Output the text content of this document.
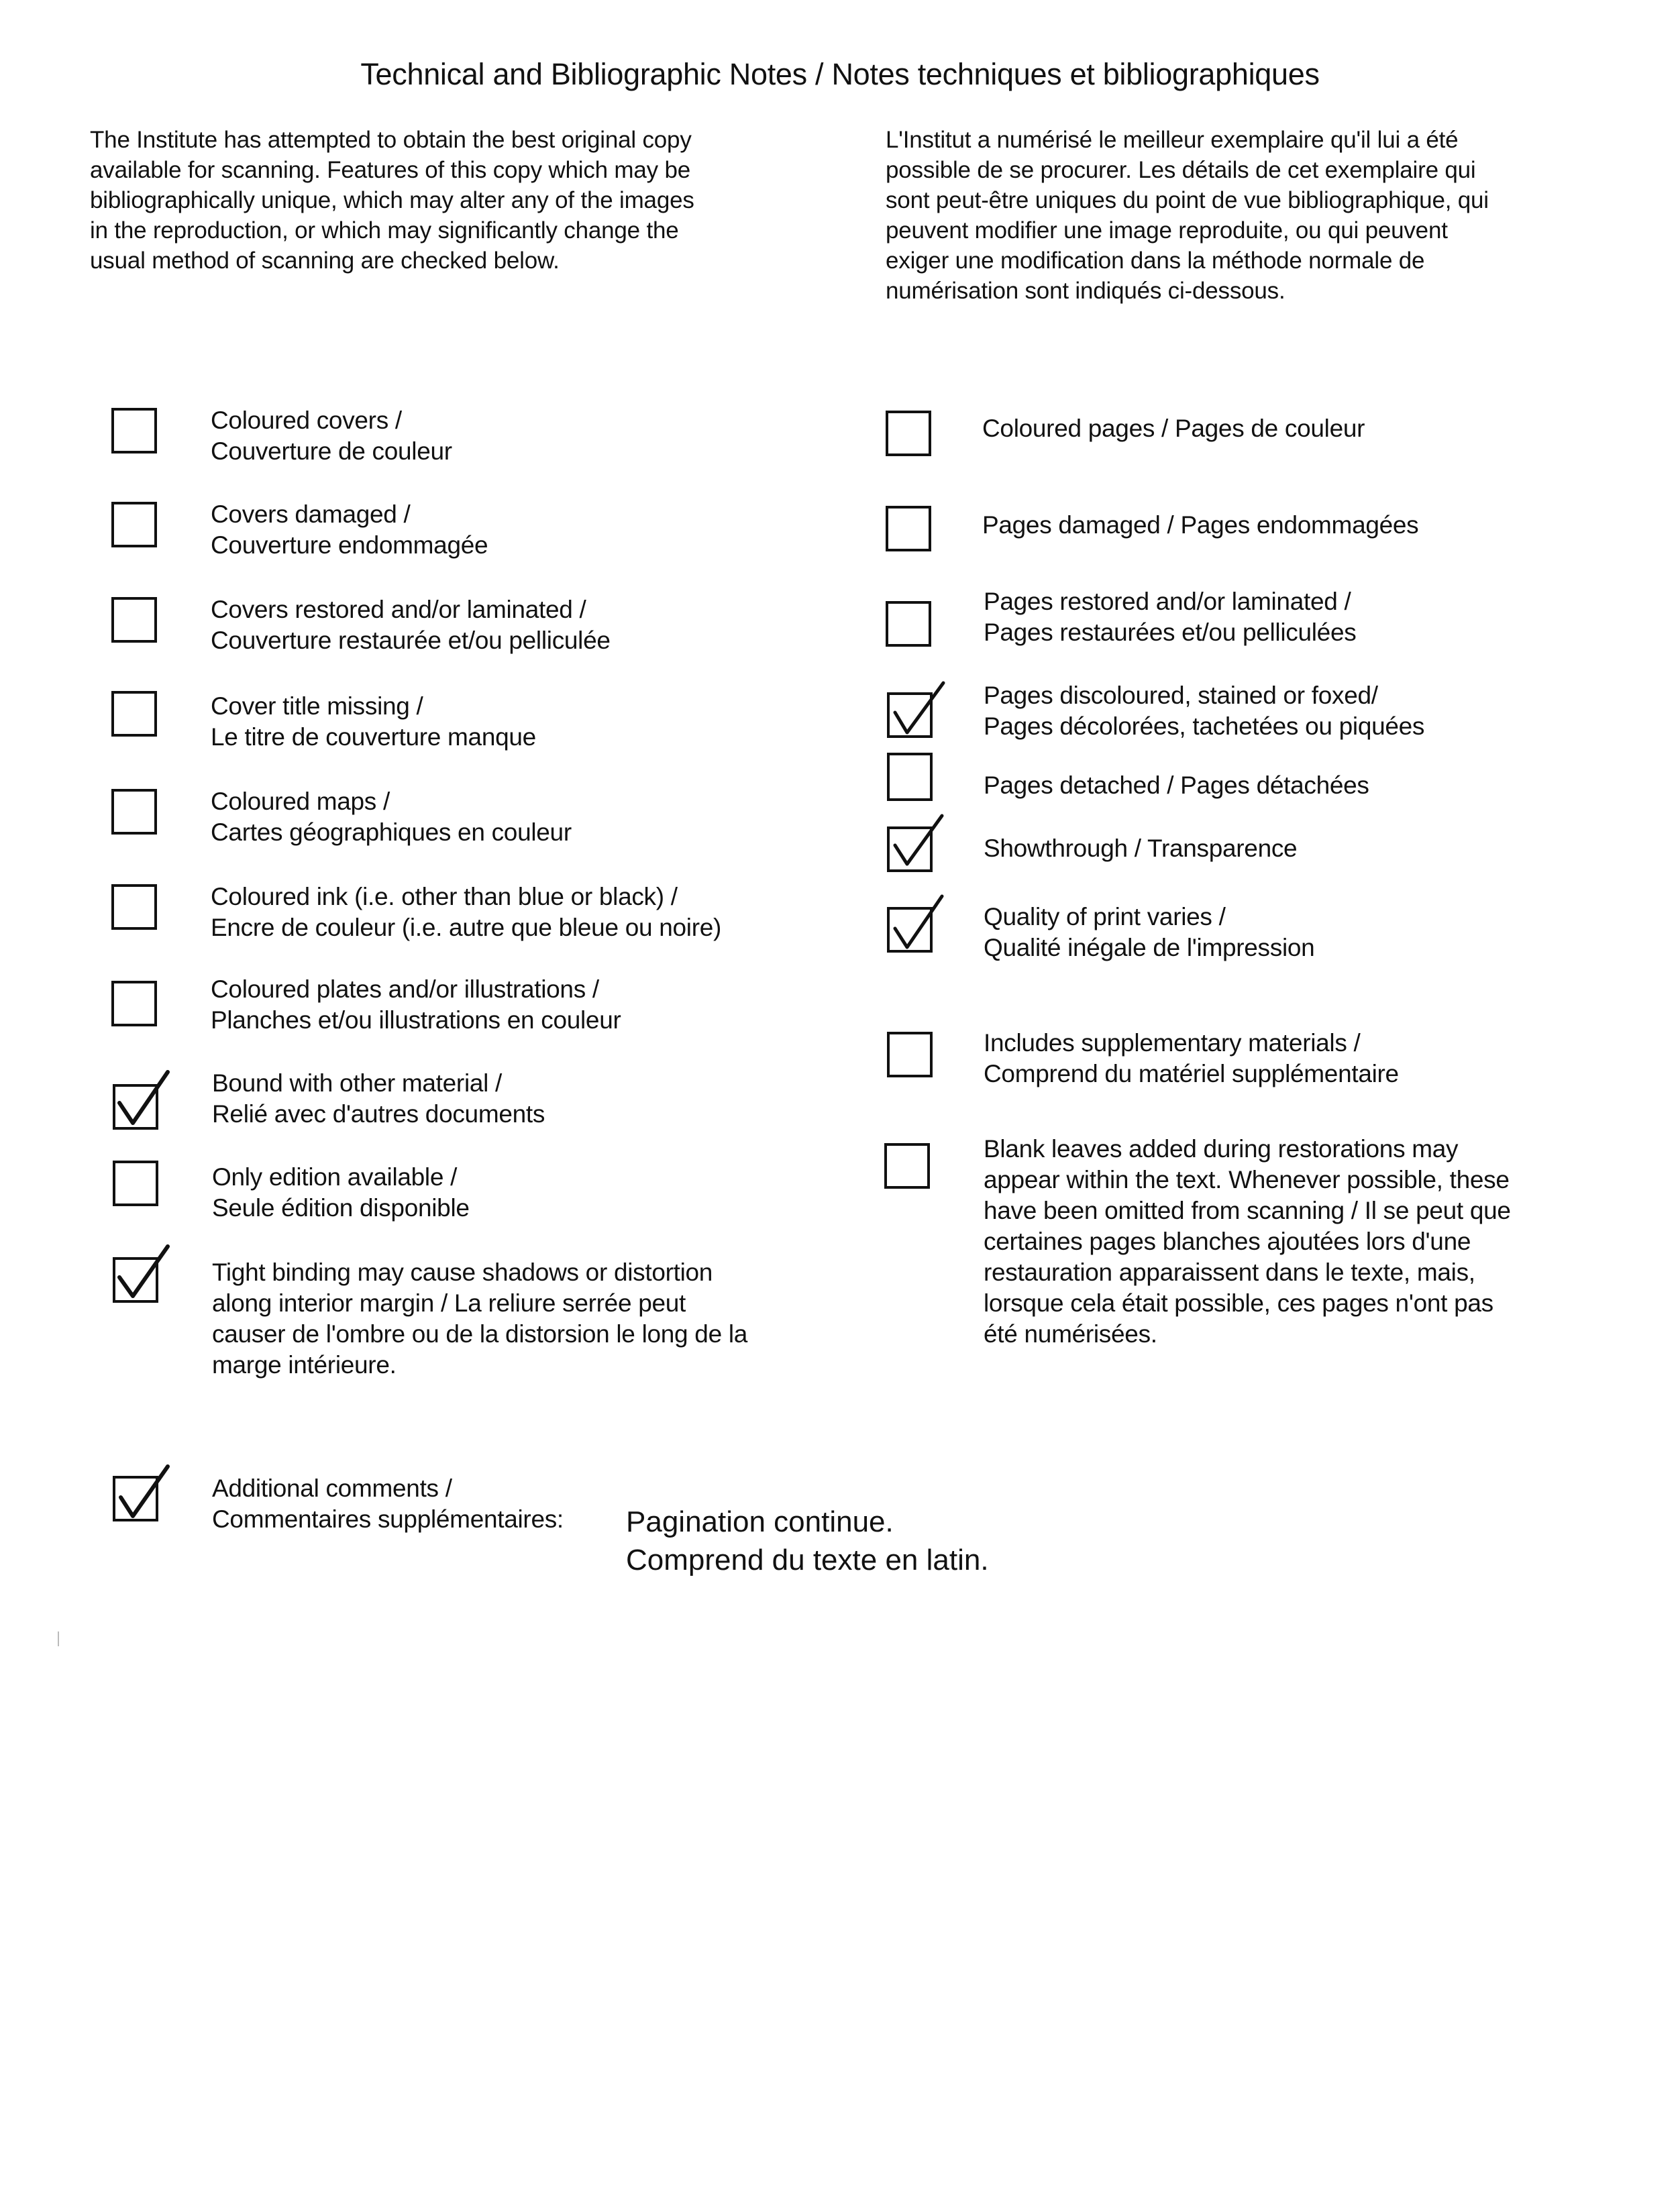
Technical and Bibliographic Notes / Notes techniques et bibliographiques
The Institute has attempted to obtain the best original copy
available for scanning. Features of this copy which may be
bibliographically unique, which may alter any of the images
in the reproduction, or which may significantly change the
usual method of scanning are checked below.
L'Institut a numérisé le meilleur exemplaire qu'il lui a été
possible de se procurer. Les détails de cet exemplaire qui
sont peut-être uniques du point de vue bibliographique, qui
peuvent modifier une image reproduite, ou qui peuvent
exiger une modification dans la méthode normale de
numérisation sont indiqués ci-dessous.
Coloured covers /
Couverture de couleur
Covers damaged /
Couverture endommagée
Covers restored and/or laminated /
Couverture restaurée et/ou pelliculée
Cover title missing /
Le titre de couverture manque
Coloured maps /
Cartes géographiques en couleur
Coloured ink (i.e. other than blue or black) /
Encre de couleur (i.e. autre que bleue ou noire)
Coloured plates and/or illustrations /
Planches et/ou illustrations en couleur
Bound with other material /
Relié avec d'autres documents
Only edition available /
Seule édition disponible
Tight binding may cause shadows or distortion
along interior margin / La reliure serrée peut
causer de l'ombre ou de la distorsion le long de la
marge intérieure.
Coloured pages / Pages de couleur
Pages damaged / Pages endommagées
Pages restored and/or laminated /
Pages restaurées et/ou pelliculées
Pages discoloured, stained or foxed/
Pages décolorées, tachetées ou piquées
Pages detached / Pages détachées
Showthrough / Transparence
Quality of print varies /
Qualité inégale de l'impression
Includes supplementary materials /
Comprend du matériel supplémentaire
Blank leaves added during restorations may
appear within the text. Whenever possible, these
have been omitted from scanning / Il se peut que
certaines pages blanches ajoutées lors d'une
restauration apparaissent dans le texte, mais,
lorsque cela était possible, ces pages n'ont pas
été numérisées.
Additional comments /
Commentaires supplémentaires: Pagination continue.
Comprend du texte en latin.
